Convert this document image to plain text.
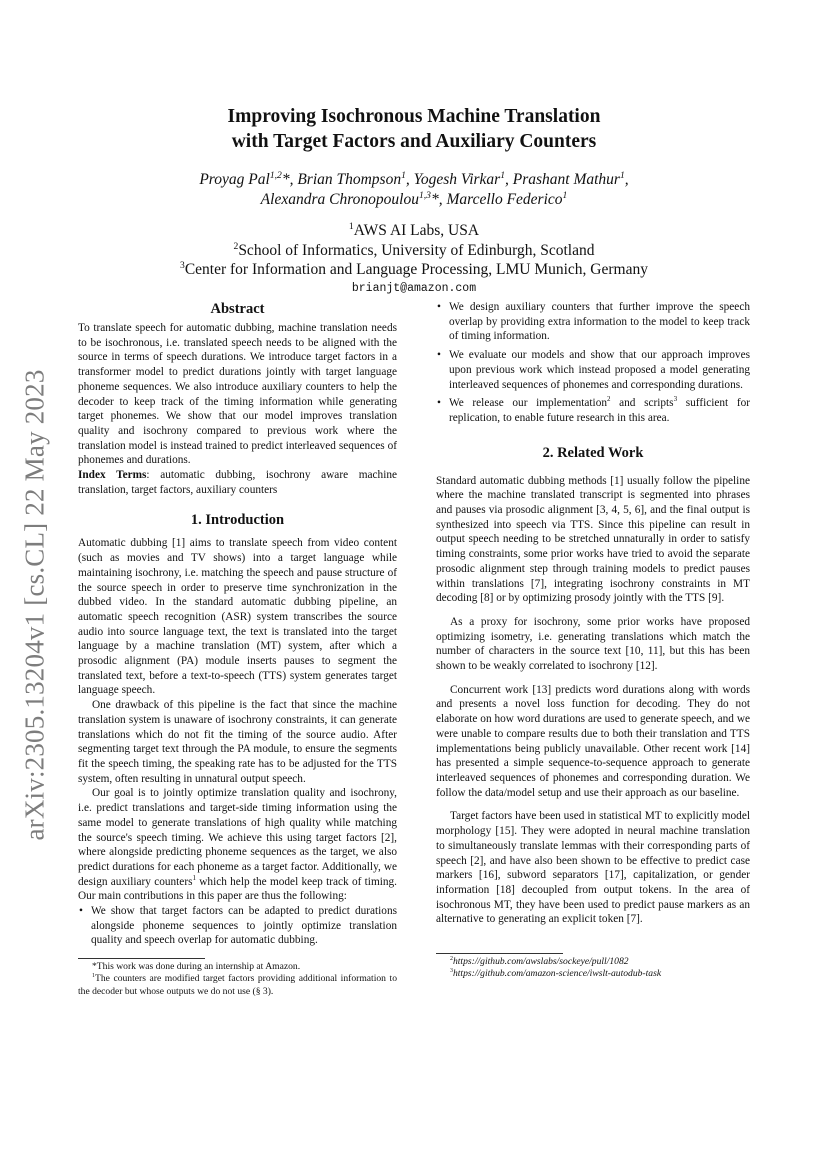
arXiv:2305.13204v1 [cs.CL] 22 May 2023
Improving Isochronous Machine Translation
with Target Factors and Auxiliary Counters
Proyag Pal$^{1,2}$*, Brian Thompson$^1$, Yogesh Virkar$^1$, Prashant Mathur$^1$,
Alexandra Chronopoulou$^{1,3}$*, Marcello Federico$^1$
$^1$AWS AI Labs, USA
$^2$School of Informatics, University of Edinburgh, Scotland
$^3$Center for Information and Language Processing, LMU Munich, Germany
brianjt@amazon.com
Abstract

To translate speech for automatic dubbing, machine translation needs to be isochronous, i.e. translated speech needs to be aligned with the source in terms of speech durations. We introduce target factors in a transformer model to predict durations jointly with target language phoneme sequences. We also introduce auxiliary counters to help the decoder to keep track of the timing information while generating target phonemes. We show that our model improves translation quality and isochrony compared to previous work where the translation model is instead trained to predict interleaved sequences of phonemes and durations.

Index Terms: automatic dubbing, isochrony aware machine translation, target factors, auxiliary counters

1. Introduction

Automatic dubbing [1] aims to translate speech from video content (such as movies and TV shows) into a target language while maintaining isochrony, i.e. matching the speech and pause structure of the source speech in order to preserve time synchronization in the dubbed video. In the standard automatic dubbing pipeline, an automatic speech recognition (ASR) system transcribes the source audio into source language text, the text is translated into the target language by a machine translation (MT) system, after which a prosodic alignment (PA) module inserts pauses to segment the translated text, before a text-to-speech (TTS) system generates target language speech.

One drawback of this pipeline is the fact that since the machine translation system is unaware of isochrony constraints, it can generate translations which do not fit the timing of the source audio. After segmenting target text through the PA module, to ensure the segments fit the speech timing, the speaking rate has to be adjusted for the TTS system, often resulting in unnatural output speech.

Our goal is to jointly optimize translation quality and isochrony, i.e. predict translations and target-side timing information using the same model to generate translations of high quality while matching the source's speech timing. We achieve this using target factors [2], where alongside predicting phoneme sequences as the target, we also predict durations for each phoneme as a target factor. Additionally, we design auxiliary counters$^1$ which help the model keep track of timing. Our main contributions in this paper are thus the following:

• We show that target factors can be adapted to predict durations alongside phoneme sequences to jointly optimize translation quality and speech overlap for automatic dubbing.

*This work was done during an internship at Amazon.

$^1$The counters are modified target factors providing additional information to the decoder but whose outputs we do not use (§ 3).

• We design auxiliary counters that further improve the speech overlap by providing extra information to the model to keep track of timing information.

• We evaluate our models and show that our approach improves upon previous work which instead proposed a model generating interleaved sequences of phonemes and corresponding durations.

• We release our implementation$^2$ and scripts$^3$ sufficient for replication, to enable future research in this area.

2. Related Work

Standard automatic dubbing methods [1] usually follow the pipeline where the machine translated transcript is segmented into phrases and pauses via prosodic alignment [3, 4, 5, 6], and the final output is synthesized into speech via TTS. Since this pipeline can result in output speech needing to be stretched unnaturally in order to satisfy timing constraints, some prior works have tried to avoid the separate prosodic alignment step through training models to predict pauses within translations [7], integrating isochrony constraints in MT decoding [8] or by optimizing prosody jointly with the TTS [9].

As a proxy for isochrony, some prior works have proposed optimizing isometry, i.e. generating translations which match the number of characters in the source text [10, 11], but this has been shown to be weakly correlated to isochrony [12].

Concurrent work [13] predicts word durations along with words and presents a novel loss function for decoding. They do not elaborate on how word durations are used to generate speech, and we were unable to compare results due to both their translation and TTS implementations being publicly unavailable. Other recent work [14] has presented a simple sequence-to-sequence approach to generate interleaved sequences of phonemes and corresponding duration. We follow the data/model setup and use their approach as our baseline.

Target factors have been used in statistical MT to explicitly model morphology [15]. They were adopted in neural machine translation to simultaneously translate lemmas with their corresponding parts of speech [2], and have also been shown to be effective to predict case markers [16], subword separators [17], capitalization, or gender information [18] decoupled from output tokens. In the area of isochronous MT, they have been used to predict pause markers as an alternative to generating an explicit token [7].

$^2$https://github.com/awslabs/sockeye/pull/1082

$^3$https://github.com/amazon-science/iwslt-autodub-task
